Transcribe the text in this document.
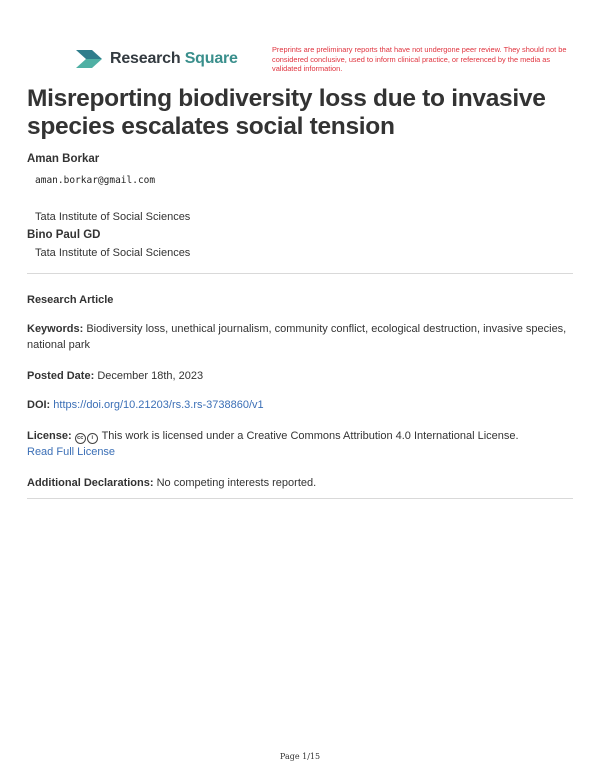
Research Square
Preprints are preliminary reports that have not undergone peer review. They should not be considered conclusive, used to inform clinical practice, or referenced by the media as validated information.
Misreporting biodiversity loss due to invasive species escalates social tension
Aman Borkar
aman.borkar@gmail.com
Tata Institute of Social Sciences
Bino Paul GD
Tata Institute of Social Sciences
Research Article
Keywords: Biodiversity loss, unethical journalism, community conflict, ecological destruction, invasive species, national park
Posted Date: December 18th, 2023
DOI: https://doi.org/10.21203/rs.3.rs-3738860/v1
License: cc i This work is licensed under a Creative Commons Attribution 4.0 International License.
Read Full License
Additional Declarations: No competing interests reported.
Page 1/15
